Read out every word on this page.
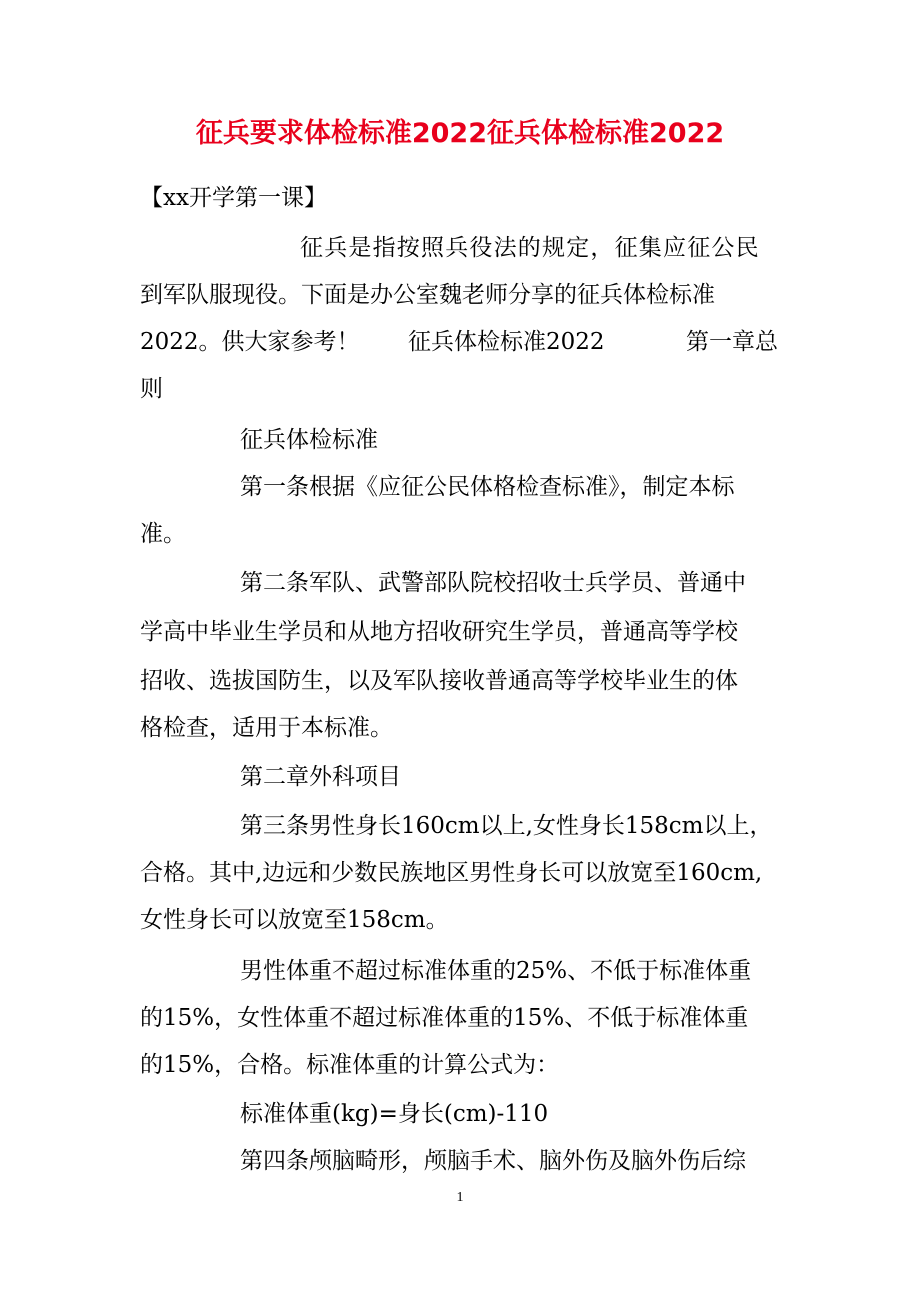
征兵要求体检标准2022征兵体检标准2022

【xx开学第一课】

征兵是指按照兵役法的规定，征集应征公民

到军队服现役。下面是办公室魏老师分享的征兵体检标准

2022。供大家参考！ 征兵体检标准2022	第一章总

则

征兵体检标准

第一条根据《应征公民体格检查标准》，制定本标

准。

第二条军队、武警部队院校招收士兵学员、普通中

学高中毕业生学员和从地方招收研究生学员，普通高等学校

招收、选拔国防生，以及军队接收普通高等学校毕业生的体

格检查，适用于本标准。

第二章外科项目

第三条男性身长160cm以上,女性身长158cm以上，

合格。其中,边远和少数民族地区男性身长可以放宽至160cm,

女性身长可以放宽至158cm。

男性体重不超过标准体重的25%、不低于标准体重

的15%，女性体重不超过标准体重的15%、不低于标准体重

的15%，合格。标准体重的计算公式为：

标准体重(kg)=身长(cm)-110

第四条颅脑畸形，颅脑手术、脑外伤及脑外伤后综

1
